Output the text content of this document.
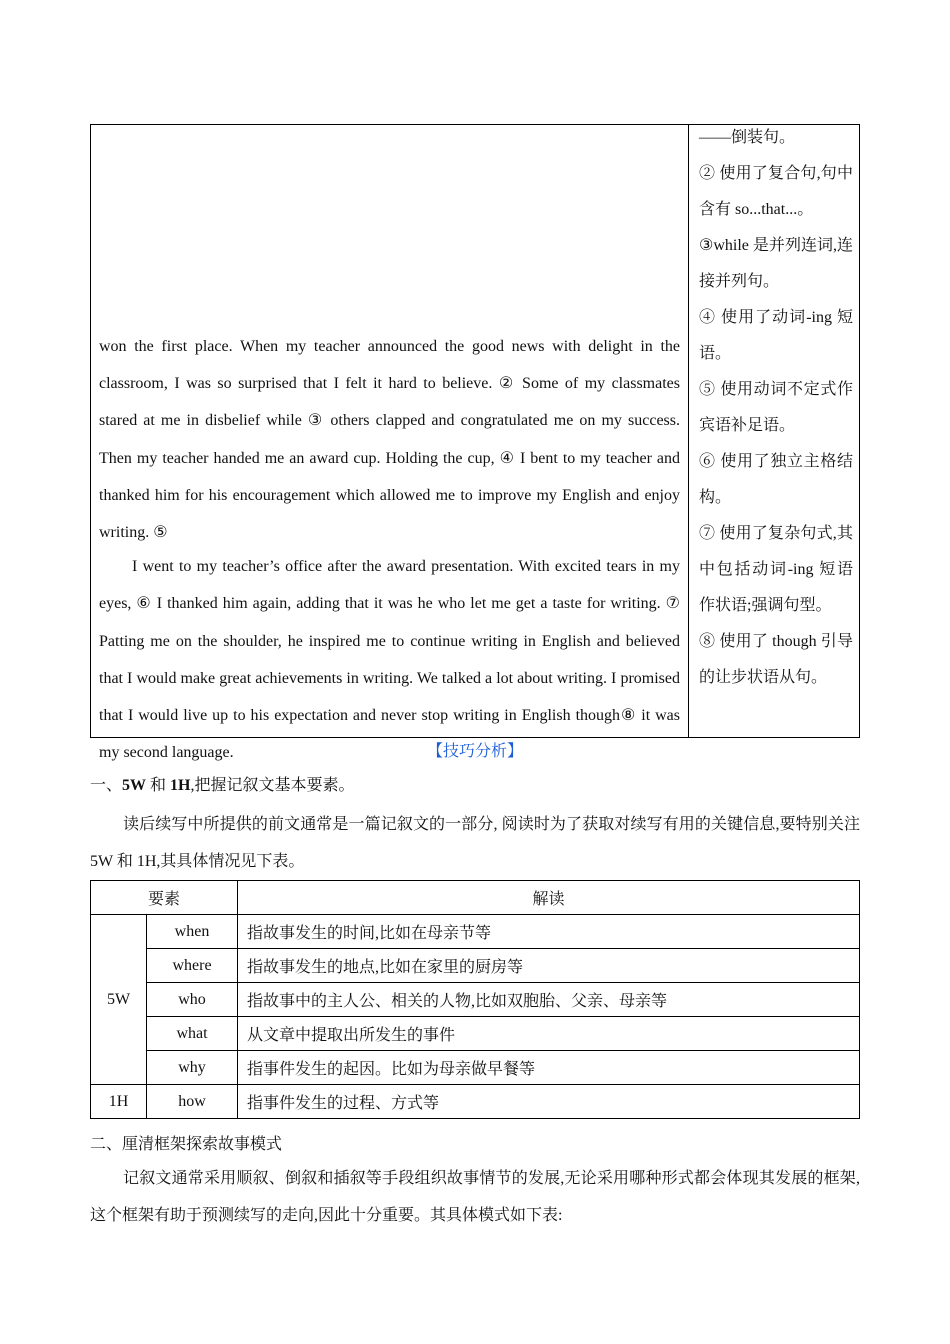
won the first place. When my teacher announced the good news with delight in the classroom, I was so surprised that I felt it hard to believe. ② Some of my classmates stared at me in disbelief while ③ others clapped and congratulated me on my success. Then my teacher handed me an award cup. Holding the cup, ④ I bent to my teacher and thanked him for his encouragement which allowed me to improve my English and enjoy writing. ⑤

I went to my teacher’s office after the award presentation. With excited tears in my eyes, ⑥ I thanked him again, adding that it was he who let me get a taste for writing. ⑦ Patting me on the shoulder, he inspired me to continue writing in English and believed that I would make great achievements in writing. We talked a lot about writing. I promised that I would live up to his expectation and never stop writing in English though⑧ it was my second language.

——倒装句。
② 使用了复合句,句中含有 so...that...。
③while 是并列连词,连接并列句。
④ 使用了动词-ing 短语。
⑤ 使用动词不定式作宾语补足语。
⑥ 使用了独立主格结构。
⑦ 使用了复杂句式,其中包括动词-ing 短语作状语;强调句型。
⑧ 使用了 though 引导的让步状语从句。
【技巧分析】
一、5W 和 1H,把握记叙文基本要素。
读后续写中所提供的前文通常是一篇记叙文的一部分, 阅读时为了获取对续写有用的关键信息,要特别关注 5W 和 1H,其具体情况见下表。
要素		解读
5W	when	指故事发生的时间,比如在母亲节等
	where	指故事发生的地点,比如在家里的厨房等
	who	指故事中的主人公、相关的人物,比如双胞胎、父亲、母亲等
	what	从文章中提取出所发生的事件
	why	指事件发生的起因。比如为母亲做早餐等
1H	how	指事件发生的过程、方式等
二、厘清框架探索故事模式
记叙文通常采用顺叙、倒叙和插叙等手段组织故事情节的发展,无论采用哪种形式都会体现其发展的框架,这个框架有助于预测续写的走向,因此十分重要。其具体模式如下表:
